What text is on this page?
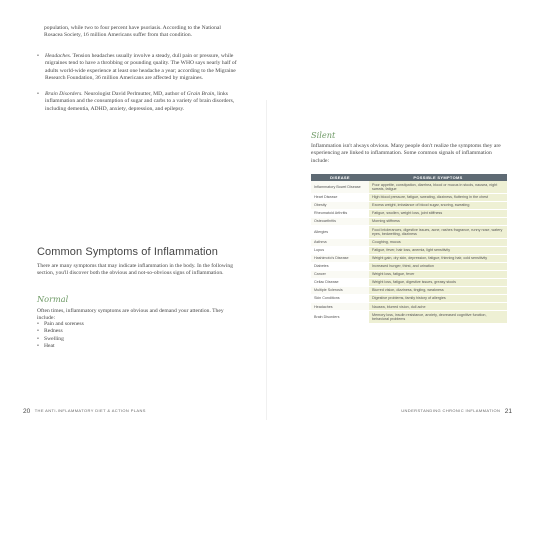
population, while two to four percent have psoriasis. According to the National Rosacea Society, 16 million Americans suffer from that condition.

•	Headaches. Tension headaches usually involve a steady, dull pain or pressure, while migraines tend to have a throbbing or pounding quality. The WHO says nearly half of adults world-wide experience at least one headache a year; according to the Migraine Research Foundation, 36 million Americans are affected by migraines.
•	Brain Disorders. Neurologist David Perlmutter, MD, author of Grain Brain, links inflammation and the consumption of sugar and carbs to a variety of brain disorders, including dementia, ADHD, anxiety, depression, and epilepsy.
Common Symptoms of Inflammation

There are many symptoms that may indicate inflammation in the body. In the following section, you'll discover both the obvious and not-so-obvious signs of inflammation.

Normal

Often times, inflammatory symptoms are obvious and demand your attention. They include:

• Pain and soreness
• Redness
• Swelling
• Heat
20 THE ANTI-INFLAMMATORY DIET & ACTION PLANS
Silent

Inflammation isn't always obvious. Many people don't realize the symptoms they are experiencing are linked to inflammation. Some common signals of inflammation include:

DISEASE	POSSIBLE SYMPTOMS
Inflammatory Bowel Disease	Poor appetite, constipation, diarrhea, blood or mucus in stools, nausea, night sweats, fatigue
Heart Disease	High blood pressure, fatigue, sweating, dizziness, fluttering in the chest
Obesity	Excess weight, imbalance of blood sugar, snoring, sweating
Rheumatoid Arthritis	Fatigue, swollen, weight loss, joint stiffness
Osteoarthritis	Morning stiffness
Allergies	Food intolerances, digestive issues, acne, rashes fragrance, runny nose, watery eyes, bedwetting, dizziness
Asthma	Coughing, mucus
Lupus	Fatigue, fever, hair loss, anemia, light sensitivity
Hashimoto's Disease	Weight gain, dry skin, depression, fatigue, thinning hair, cold sensitivity
Diabetes	Increased hunger, thirst, and urination
Cancer	Weight loss, fatigue, fever
Celiac Disease	Weight loss, fatigue, digestive issues, greasy stools
Multiple Sclerosis	Blurred vision, dizziness, tingling, weakness
Skin Conditions	Digestive problems, family history of allergies
Headaches	Nausea, blurred vision, dull ache
Brain Disorders	Memory loss, insulin resistance, anxiety, decreased cognitive function, behavioral problems
UNDERSTANDING CHRONIC INFLAMMATION 21
